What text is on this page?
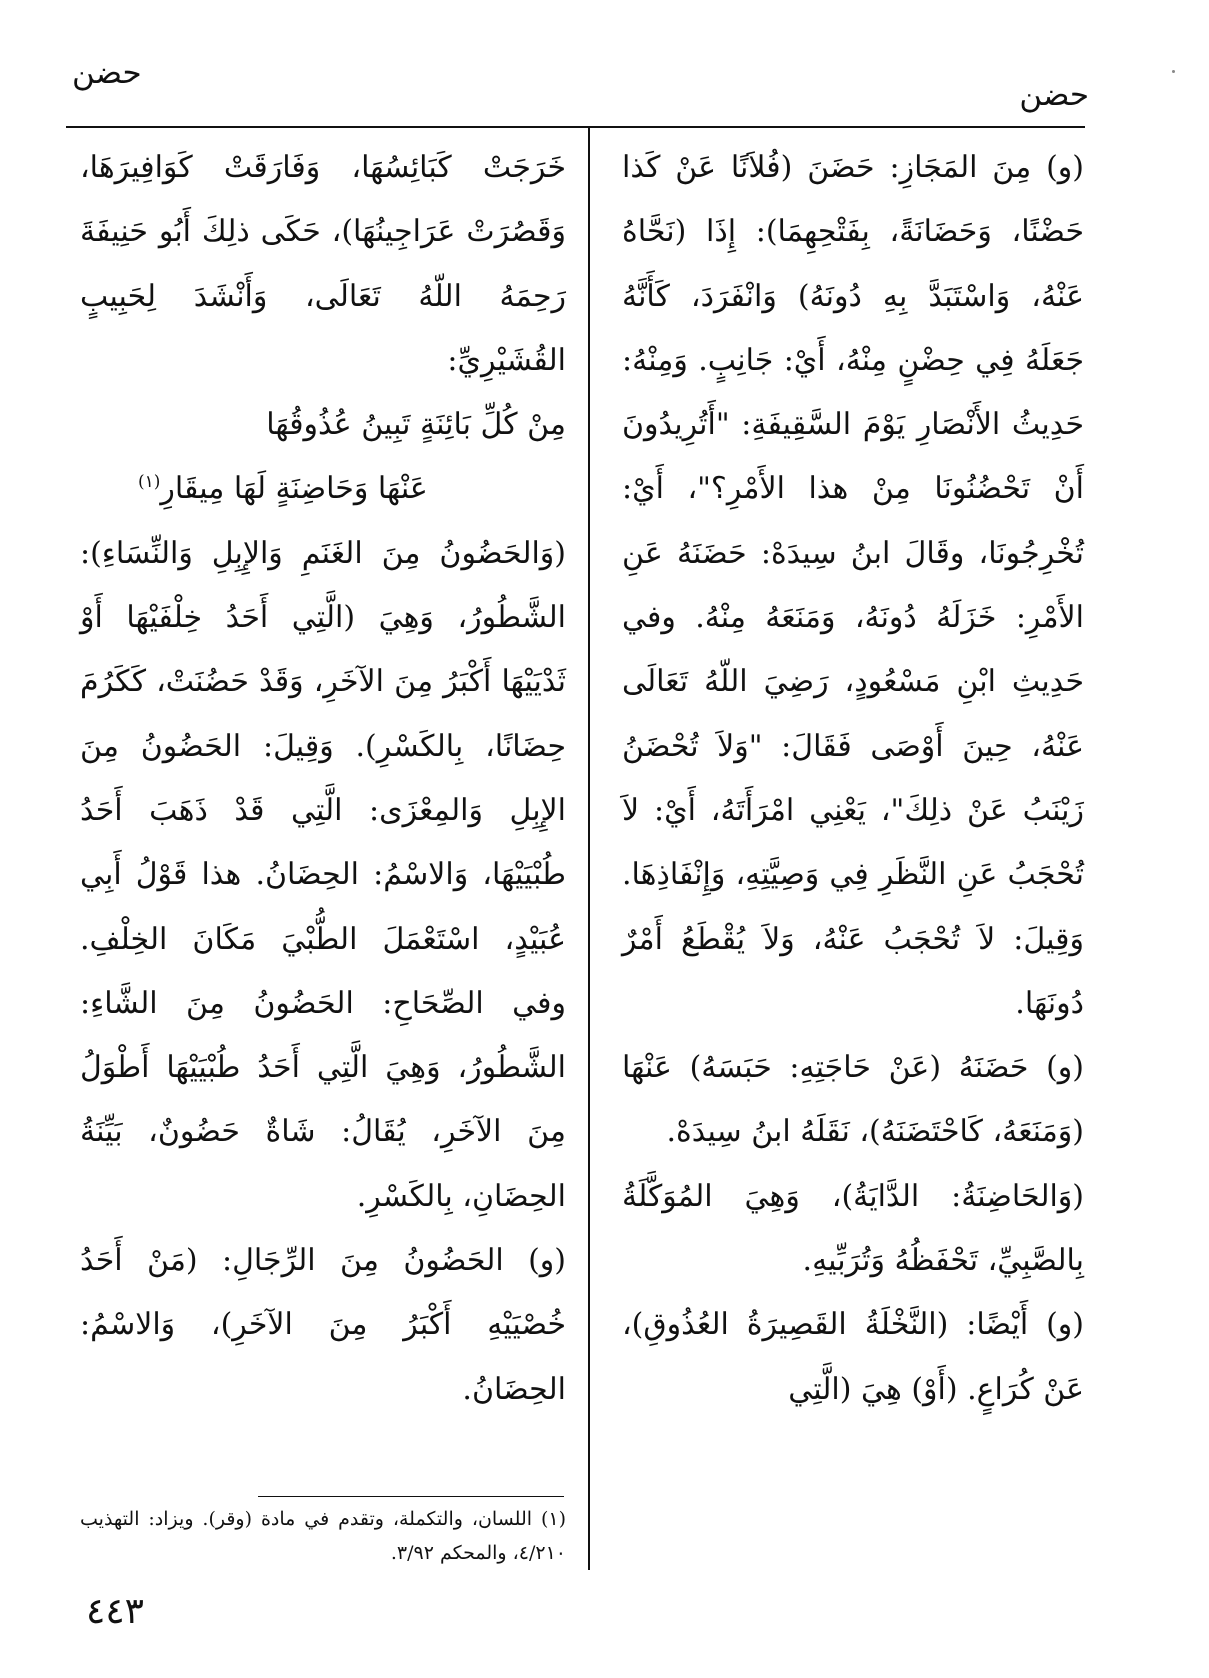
حضن
حضن

(و) مِنَ المَجَازِ: حَضَنَ (فُلاَنًا عَنْ كَذا حَضْنًا، وَحَضَانَةً، بِفَتْحِهِمَا): إِذَا (نَحَّاهُ عَنْهُ، وَاسْتَبَدَّ بِهِ دُونَهُ) وَانْفَرَدَ، كَأَنَّهُ جَعَلَهُ فِي حِضْنٍ مِنْهُ، أَيْ: جَانِبٍ. وَمِنْهُ: حَدِيثُ الأَنْصَارِ يَوْمَ السَّقِيفَةِ: "أَتُرِيدُونَ أَنْ تَحْضُنُونَا مِنْ هذا الأَمْرِ؟"، أَيْ: تُخْرِجُونَا، وقَالَ ابنُ سِيدَهْ: حَضَنَهُ عَنِ الأَمْرِ: خَزَلَهُ دُونَهُ، وَمَنَعَهُ مِنْهُ. وفي حَدِيثِ ابْنِ مَسْعُودٍ، رَضِيَ اللّهُ تَعَالَى عَنْهُ، حِينَ أَوْصَى فَقَالَ: "وَلاَ تُحْضَنُ زَيْنَبُ عَنْ ذلِكَ"، يَعْنِي امْرَأَتَهُ، أَيْ: لاَ تُحْجَبُ عَنِ النَّظَرِ فِي وَصِيَّتِهِ، وَإِنْفَاذِهَا. وَقِيلَ: لاَ تُحْجَبُ عَنْهُ، وَلاَ يُقْطَعُ أَمْرٌ دُونَهَا.

(و) حَضَنَهُ (عَنْ حَاجَتِهِ: حَبَسَهُ) عَنْهَا (وَمَنَعَهُ، كَاحْتَضَنَهُ)، نَقَلَهُ ابنُ سِيدَهْ.

(وَالحَاضِنَةُ: الدَّايَةُ)، وَهِيَ المُوَكَّلَةُ بِالصَّبِيِّ، تَحْفَظُهُ وَتُرَبِّيهِ.

(و) أَيْضًا: (النَّخْلَةُ القَصِيرَةُ العُذُوقِ)، عَنْ كُرَاعٍ. (أَوْ) هِيَ (الَّتِي

خَرَجَتْ كَبَائِسُهَا، وَفَارَقَتْ كَوَافِيرَهَا، وَقَصُرَتْ عَرَاجِينُهَا)، حَكَى ذلِكَ أَبُو حَنِيفَةَ رَحِمَهُ اللّهُ تَعَالَى، وَأَنْشَدَ لِحَبِيبٍ القُشَيْرِيِّ:

مِنْ كُلِّ بَائِنَةٍ تَبِينُ عُذُوقُهَا

عَنْهَا وَحَاضِنَةٍ لَهَا مِيقَارِ$^{(١)}$

(وَالحَضُونُ مِنَ الغَنَمِ وَالإِبِلِ وَالنِّسَاءِ): الشَّطُورُ، وَهِيَ (الَّتِي أَحَدُ خِلْفَيْهَا أَوْ ثَدْيَيْهَا أَكْبَرُ مِنَ الآخَرِ، وَقَدْ حَضُنَتْ، كَكَرُمَ حِضَانًا، بِالكَسْرِ). وَقِيلَ: الحَضُونُ مِنَ الإِبِلِ وَالمِعْزَى: الَّتِي قَدْ ذَهَبَ أَحَدُ طُبْيَيْهَا، وَالاسْمُ: الحِضَانُ. هذا قَوْلُ أَبِي عُبَيْدٍ، اسْتَعْمَلَ الطُّبْيَ مَكَانَ الخِلْفِ. وفي الصِّحَاحِ: الحَضُونُ مِنَ الشَّاءِ: الشَّطُورُ، وَهِيَ الَّتِي أَحَدُ طُبْيَيْهَا أَطْوَلُ مِنَ الآخَرِ، يُقَالُ: شَاةٌ حَضُونٌ، بَيِّنَةُ الحِضَانِ، بِالكَسْرِ.

(و) الحَضُونُ مِنَ الرِّجَالِ: (مَنْ أَحَدُ خُصْيَيْهِ أَكْبَرُ مِنَ الآخَرِ)، وَالاسْمُ: الحِضَانُ.

(١) اللسان، والتكملة، وتقدم في مادة (وقر). ويزاد: التهذيب ٤/٢١٠، والمحكم ٣/٩٢.
٤٤٣
